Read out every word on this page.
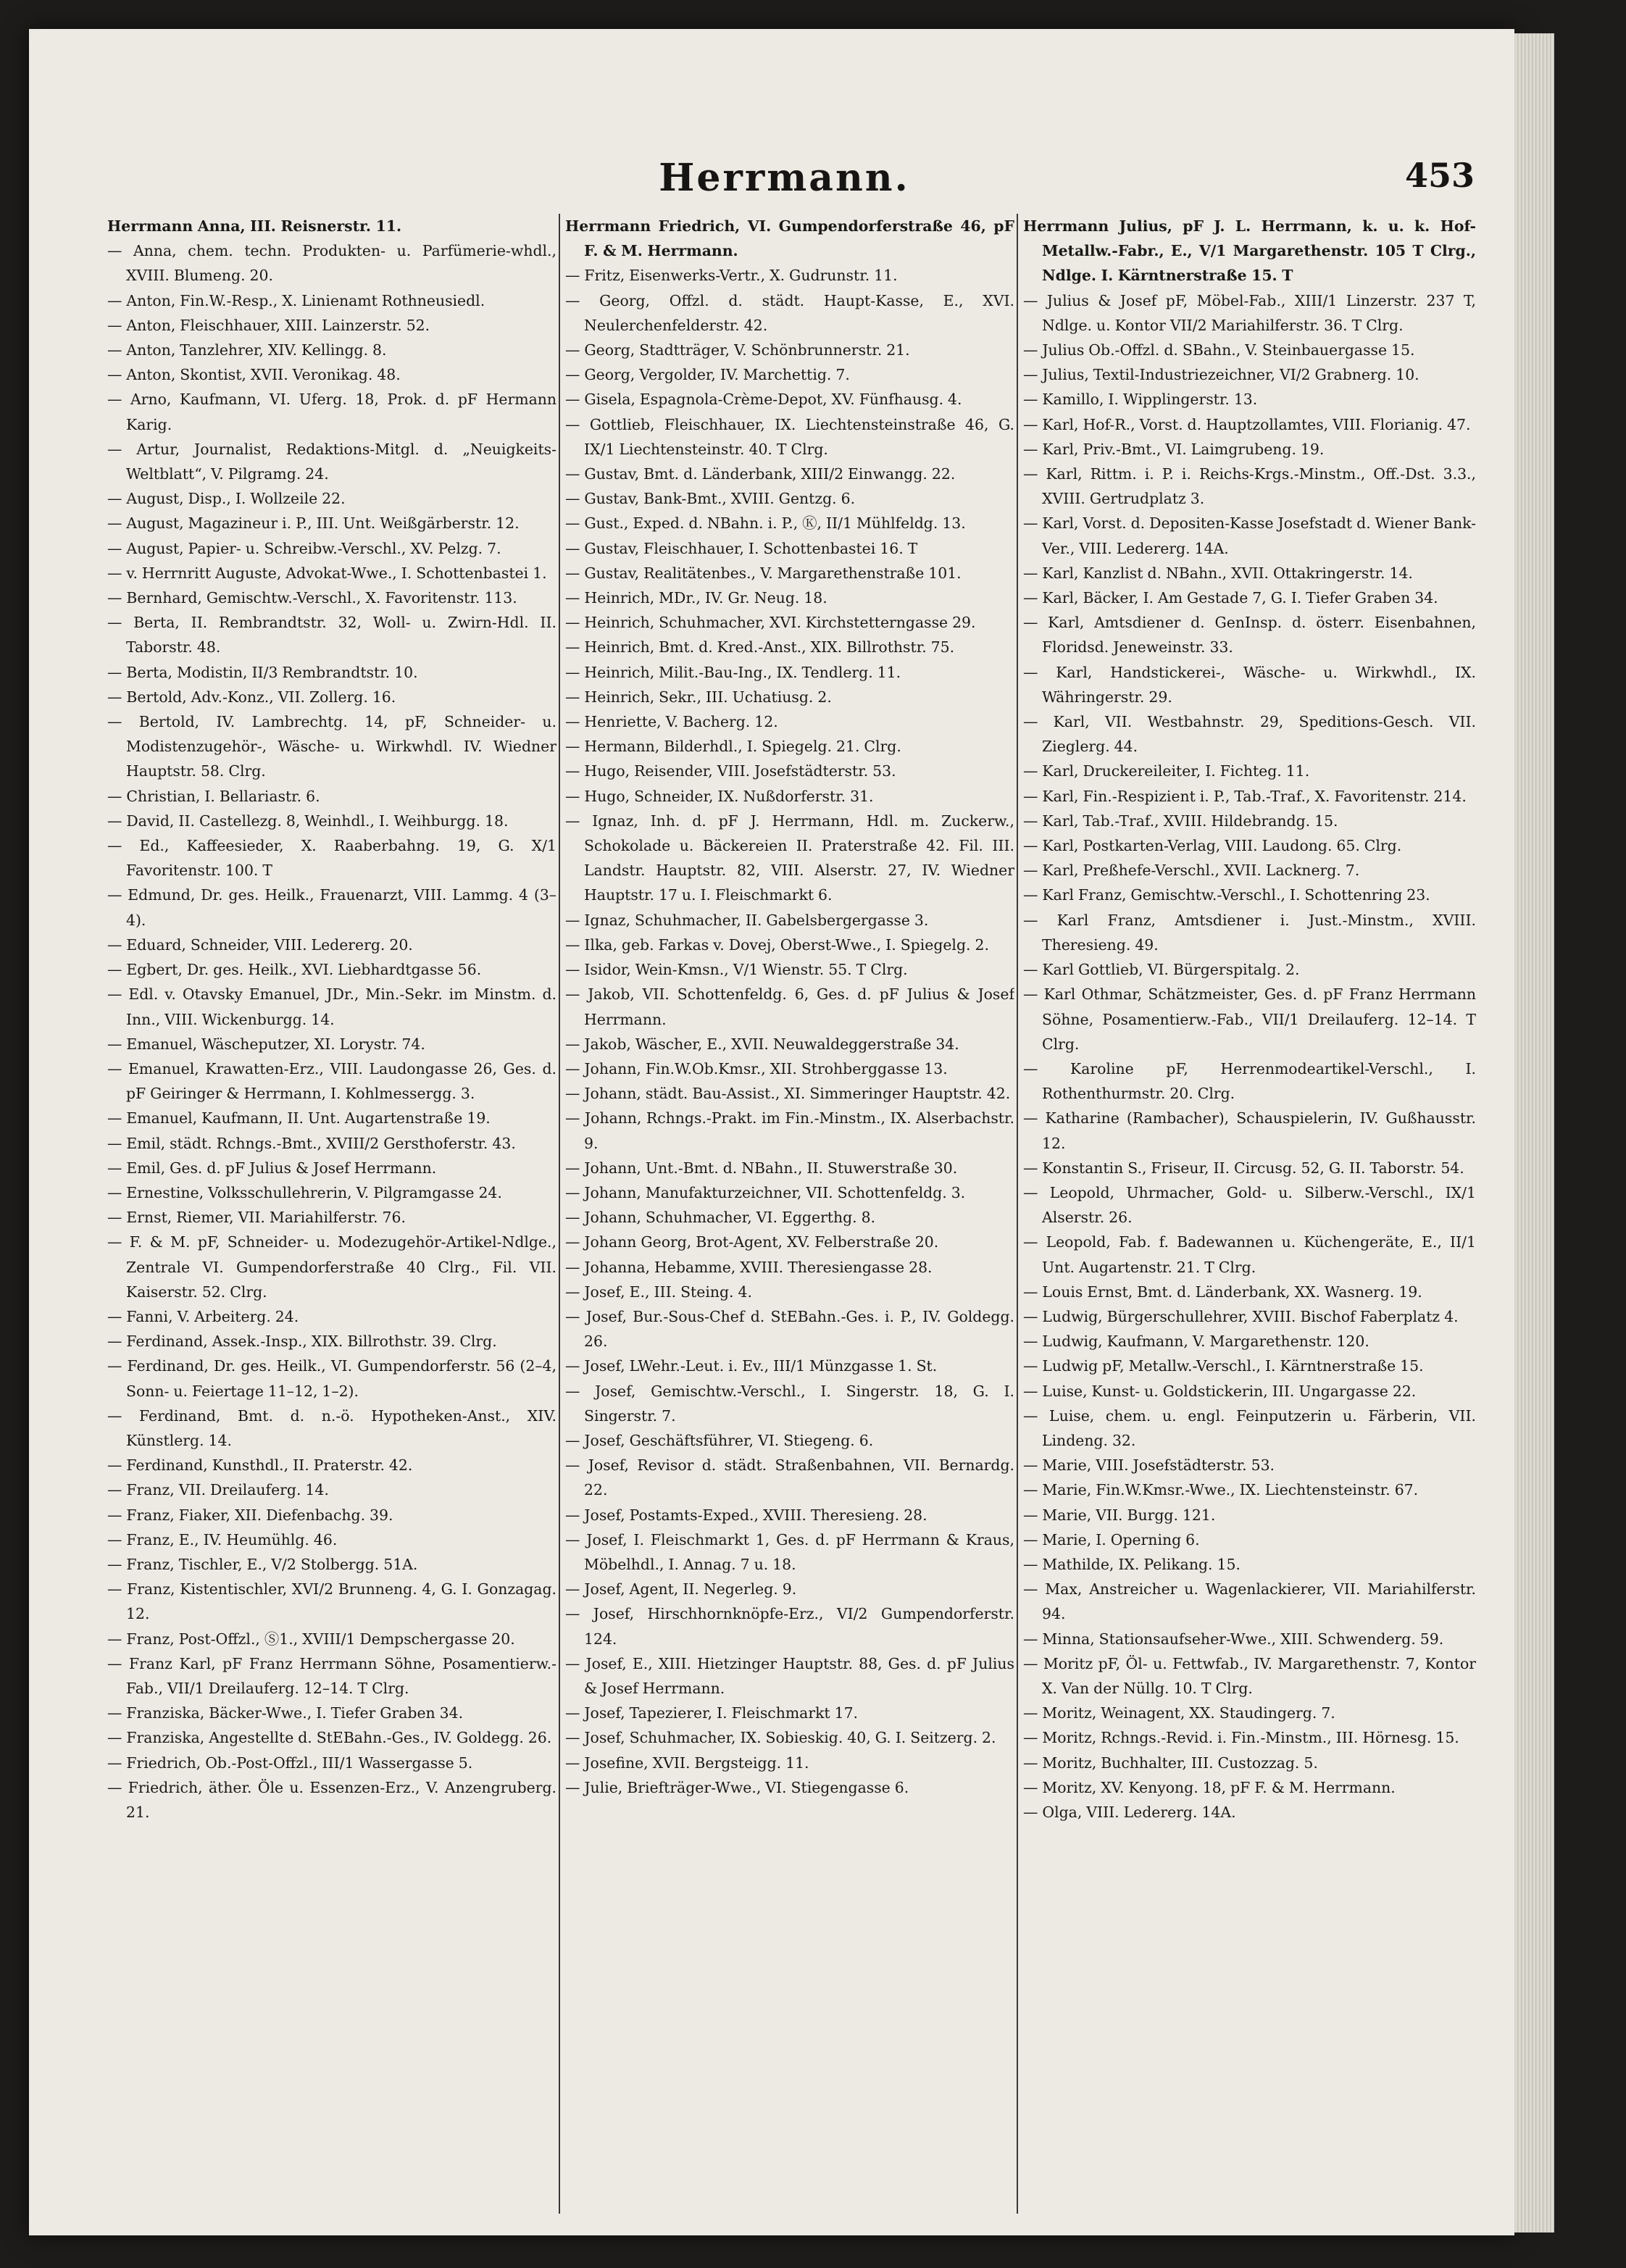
Herrmann.	453

Herrmann Anna, III. Reisnerstr. 11.

— Anna, chem. techn. Produkten- u. Parfümerie-whdl., XVIII. Blumeng. 20.

— Anton, Fin.W.-Resp., X. Linienamt Rothneusiedl.

— Anton, Fleischhauer, XIII. Lainzerstr. 52.

— Anton, Tanzlehrer, XIV. Kellingg. 8.

— Anton, Skontist, XVII. Veronikag. 48.

— Arno, Kaufmann, VI. Uferg. 18, Prok. d. pF Hermann Karig.

— Artur, Journalist, Redaktions-Mitgl. d. „Neuigkeits-Weltblatt“, V. Pilgramg. 24.

— August, Disp., I. Wollzeile 22.

— August, Magazineur i. P., III. Unt. Weißgärberstr. 12.

— August, Papier- u. Schreibw.-Verschl., XV. Pelzg. 7.

— v. Herrnritt Auguste, Advokat-Wwe., I. Schottenbastei 1.

— Bernhard, Gemischtw.-Verschl., X. Favoritenstr. 113.

— Berta, II. Rembrandtstr. 32, Woll- u. Zwirn-Hdl. II. Taborstr. 48.

— Berta, Modistin, II/3 Rembrandtstr. 10.

— Bertold, Adv.-Konz., VII. Zollerg. 16.

— Bertold, IV. Lambrechtg. 14, pF, Schneider- u. Modistenzugehör-, Wäsche- u. Wirkwhdl. IV. Wiedner Hauptstr. 58. Clrg.

— Christian, I. Bellariastr. 6.

— David, II. Castellezg. 8, Weinhdl., I. Weihburgg. 18.

— Ed., Kaffeesieder, X. Raaberbahng. 19, G. X/1 Favoritenstr. 100. T

— Edmund, Dr. ges. Heilk., Frauenarzt, VIII. Lammg. 4 (3–4).

— Eduard, Schneider, VIII. Ledererg. 20.

— Egbert, Dr. ges. Heilk., XVI. Liebhardtgasse 56.

— Edl. v. Otavsky Emanuel, JDr., Min.-Sekr. im Minstm. d. Inn., VIII. Wickenburgg. 14.

— Emanuel, Wäscheputzer, XI. Lorystr. 74.

— Emanuel, Krawatten-Erz., VIII. Laudongasse 26, Ges. d. pF Geiringer & Herrmann, I. Kohlmessergg. 3.

— Emanuel, Kaufmann, II. Unt. Augartenstraße 19.

— Emil, städt. Rchngs.-Bmt., XVIII/2 Gersthoferstr. 43.

— Emil, Ges. d. pF Julius & Josef Herrmann.

— Ernestine, Volksschullehrerin, V. Pilgramgasse 24.

— Ernst, Riemer, VII. Mariahilferstr. 76.

— F. & M. pF, Schneider- u. Modezugehör-Artikel-Ndlge., Zentrale VI. Gumpendorferstraße 40 Clrg., Fil. VII. Kaiserstr. 52. Clrg.

— Fanni, V. Arbeiterg. 24.

— Ferdinand, Assek.-Insp., XIX. Billrothstr. 39. Clrg.

— Ferdinand, Dr. ges. Heilk., VI. Gumpendorferstr. 56 (2–4, Sonn- u. Feiertage 11–12, 1–2).

— Ferdinand, Bmt. d. n.-ö. Hypotheken-Anst., XIV. Künstlerg. 14.

— Ferdinand, Kunsthdl., II. Praterstr. 42.

— Franz, VII. Dreilauferg. 14.

— Franz, Fiaker, XII. Diefenbachg. 39.

— Franz, E., IV. Heumühlg. 46.

— Franz, Tischler, E., V/2 Stolbergg. 51A.

— Franz, Kistentischler, XVI/2 Brunneng. 4, G. I. Gonzagag. 12.

— Franz, Post-Offzl., Ⓢ1., XVIII/1 Dempschergasse 20.

— Franz Karl, pF Franz Herrmann Söhne, Posamentierw.-Fab., VII/1 Dreilauferg. 12–14. T Clrg.

— Franziska, Bäcker-Wwe., I. Tiefer Graben 34.

— Franziska, Angestellte d. StEBahn.-Ges., IV. Goldegg. 26.

— Friedrich, Ob.-Post-Offzl., III/1 Wassergasse 5.

— Friedrich, äther. Öle u. Essenzen-Erz., V. Anzengruberg. 21.

Herrmann Friedrich, VI. Gumpendorferstraße 46, pF F. & M. Herrmann.

— Fritz, Eisenwerks-Vertr., X. Gudrunstr. 11.

— Georg, Offzl. d. städt. Haupt-Kasse, E., XVI. Neulerchenfelderstr. 42.

— Georg, Stadtträger, V. Schönbrunnerstr. 21.

— Georg, Vergolder, IV. Marchettig. 7.

— Gisela, Espagnola-Crème-Depot, XV. Fünfhausg. 4.

— Gottlieb, Fleischhauer, IX. Liechtensteinstraße 46, G. IX/1 Liechtensteinstr. 40. T Clrg.

— Gustav, Bmt. d. Länderbank, XIII/2 Einwangg. 22.

— Gustav, Bank-Bmt., XVIII. Gentzg. 6.

— Gust., Exped. d. NBahn. i. P., Ⓚ, II/1 Mühlfeldg. 13.

— Gustav, Fleischhauer, I. Schottenbastei 16. T

— Gustav, Realitätenbes., V. Margarethenstraße 101.

— Heinrich, MDr., IV. Gr. Neug. 18.

— Heinrich, Schuhmacher, XVI. Kirchstetterngasse 29.

— Heinrich, Bmt. d. Kred.-Anst., XIX. Billrothstr. 75.

— Heinrich, Milit.-Bau-Ing., IX. Tendlerg. 11.

— Heinrich, Sekr., III. Uchatiusg. 2.

— Henriette, V. Bacherg. 12.

— Hermann, Bilderhdl., I. Spiegelg. 21. Clrg.

— Hugo, Reisender, VIII. Josefstädterstr. 53.

— Hugo, Schneider, IX. Nußdorferstr. 31.

— Ignaz, Inh. d. pF J. Herrmann, Hdl. m. Zuckerw., Schokolade u. Bäckereien II. Praterstraße 42. Fil. III. Landstr. Hauptstr. 82, VIII. Alserstr. 27, IV. Wiedner Hauptstr. 17 u. I. Fleischmarkt 6.

— Ignaz, Schuhmacher, II. Gabelsbergergasse 3.

— Ilka, geb. Farkas v. Dovej, Oberst-Wwe., I. Spiegelg. 2.

— Isidor, Wein-Kmsn., V/1 Wienstr. 55. T Clrg.

— Jakob, VII. Schottenfeldg. 6, Ges. d. pF Julius & Josef Herrmann.

— Jakob, Wäscher, E., XVII. Neuwaldeggerstraße 34.

— Johann, Fin.W.Ob.Kmsr., XII. Strohberggasse 13.

— Johann, städt. Bau-Assist., XI. Simmeringer Hauptstr. 42.

— Johann, Rchngs.-Prakt. im Fin.-Minstm., IX. Alserbachstr. 9.

— Johann, Unt.-Bmt. d. NBahn., II. Stuwerstraße 30.

— Johann, Manufakturzeichner, VII. Schottenfeldg. 3.

— Johann, Schuhmacher, VI. Eggerthg. 8.

— Johann Georg, Brot-Agent, XV. Felberstraße 20.

— Johanna, Hebamme, XVIII. Theresiengasse 28.

— Josef, E., III. Steing. 4.

— Josef, Bur.-Sous-Chef d. StEBahn.-Ges. i. P., IV. Goldegg. 26.

— Josef, LWehr.-Leut. i. Ev., III/1 Münzgasse 1. St.

— Josef, Gemischtw.-Verschl., I. Singerstr. 18, G. I. Singerstr. 7.

— Josef, Geschäftsführer, VI. Stiegeng. 6.

— Josef, Revisor d. städt. Straßenbahnen, VII. Bernardg. 22.

— Josef, Postamts-Exped., XVIII. Theresieng. 28.

— Josef, I. Fleischmarkt 1, Ges. d. pF Herrmann & Kraus, Möbelhdl., I. Annag. 7 u. 18.

— Josef, Agent, II. Negerleg. 9.

— Josef, Hirschhornknöpfe-Erz., VI/2 Gumpendorferstr. 124.

— Josef, E., XIII. Hietzinger Hauptstr. 88, Ges. d. pF Julius & Josef Herrmann.

— Josef, Tapezierer, I. Fleischmarkt 17.

— Josef, Schuhmacher, IX. Sobieskig. 40, G. I. Seitzerg. 2.

— Josefine, XVII. Bergsteigg. 11.

— Julie, Briefträger-Wwe., VI. Stiegengasse 6.

Herrmann Julius, pF J. L. Herrmann, k. u. k. Hof-Metallw.-Fabr., E., V/1 Margarethenstr. 105 T Clrg., Ndlge. I. Kärntnerstraße 15. T

— Julius & Josef pF, Möbel-Fab., XIII/1 Linzerstr. 237 T, Ndlge. u. Kontor VII/2 Mariahilferstr. 36. T Clrg.

— Julius Ob.-Offzl. d. SBahn., V. Steinbauergasse 15.

— Julius, Textil-Industriezeichner, VI/2 Grabnerg. 10.

— Kamillo, I. Wipplingerstr. 13.

— Karl, Hof-R., Vorst. d. Hauptzollamtes, VIII. Florianig. 47.

— Karl, Priv.-Bmt., VI. Laimgrubeng. 19.

— Karl, Rittm. i. P. i. Reichs-Krgs.-Minstm., Off.-Dst. 3.3., XVIII. Gertrudplatz 3.

— Karl, Vorst. d. Depositen-Kasse Josefstadt d. Wiener Bank-Ver., VIII. Ledererg. 14A.

— Karl, Kanzlist d. NBahn., XVII. Ottakringerstr. 14.

— Karl, Bäcker, I. Am Gestade 7, G. I. Tiefer Graben 34.

— Karl, Amtsdiener d. GenInsp. d. österr. Eisenbahnen, Floridsd. Jeneweinstr. 33.

— Karl, Handstickerei-, Wäsche- u. Wirkwhdl., IX. Währingerstr. 29.

— Karl, VII. Westbahnstr. 29, Speditions-Gesch. VII. Zieglerg. 44.

— Karl, Druckereileiter, I. Fichteg. 11.

— Karl, Fin.-Respizient i. P., Tab.-Traf., X. Favoritenstr. 214.

— Karl, Tab.-Traf., XVIII. Hildebrandg. 15.

— Karl, Postkarten-Verlag, VIII. Laudong. 65. Clrg.

— Karl, Preßhefe-Verschl., XVII. Lacknerg. 7.

— Karl Franz, Gemischtw.-Verschl., I. Schottenring 23.

— Karl Franz, Amtsdiener i. Just.-Minstm., XVIII. Theresieng. 49.

— Karl Gottlieb, VI. Bürgerspitalg. 2.

— Karl Othmar, Schätzmeister, Ges. d. pF Franz Herrmann Söhne, Posamentierw.-Fab., VII/1 Dreilauferg. 12–14. T Clrg.

— Karoline pF, Herrenmodeartikel-Verschl., I. Rothenthurmstr. 20. Clrg.

— Katharine (Rambacher), Schauspielerin, IV. Gußhausstr. 12.

— Konstantin S., Friseur, II. Circusg. 52, G. II. Taborstr. 54.

— Leopold, Uhrmacher, Gold- u. Silberw.-Verschl., IX/1 Alserstr. 26.

— Leopold, Fab. f. Badewannen u. Küchengeräte, E., II/1 Unt. Augartenstr. 21. T Clrg.

— Louis Ernst, Bmt. d. Länderbank, XX. Wasnerg. 19.

— Ludwig, Bürgerschullehrer, XVIII. Bischof Faberplatz 4.

— Ludwig, Kaufmann, V. Margarethenstr. 120.

— Ludwig pF, Metallw.-Verschl., I. Kärntnerstraße 15.

— Luise, Kunst- u. Goldstickerin, III. Ungargasse 22.

— Luise, chem. u. engl. Feinputzerin u. Färberin, VII. Lindeng. 32.

— Marie, VIII. Josefstädterstr. 53.

— Marie, Fin.W.Kmsr.-Wwe., IX. Liechtensteinstr. 67.

— Marie, VII. Burgg. 121.

— Marie, I. Operning 6.

— Mathilde, IX. Pelikang. 15.

— Max, Anstreicher u. Wagenlackierer, VII. Mariahilferstr. 94.

— Minna, Stationsaufseher-Wwe., XIII. Schwenderg. 59.

— Moritz pF, Öl- u. Fettwfab., IV. Margarethenstr. 7, Kontor X. Van der Nüllg. 10. T Clrg.

— Moritz, Weinagent, XX. Staudingerg. 7.

— Moritz, Rchngs.-Revid. i. Fin.-Minstm., III. Hörnesg. 15.

— Moritz, Buchhalter, III. Custozzag. 5.

— Moritz, XV. Kenyong. 18, pF F. & M. Herrmann.

— Olga, VIII. Ledererg. 14A.
